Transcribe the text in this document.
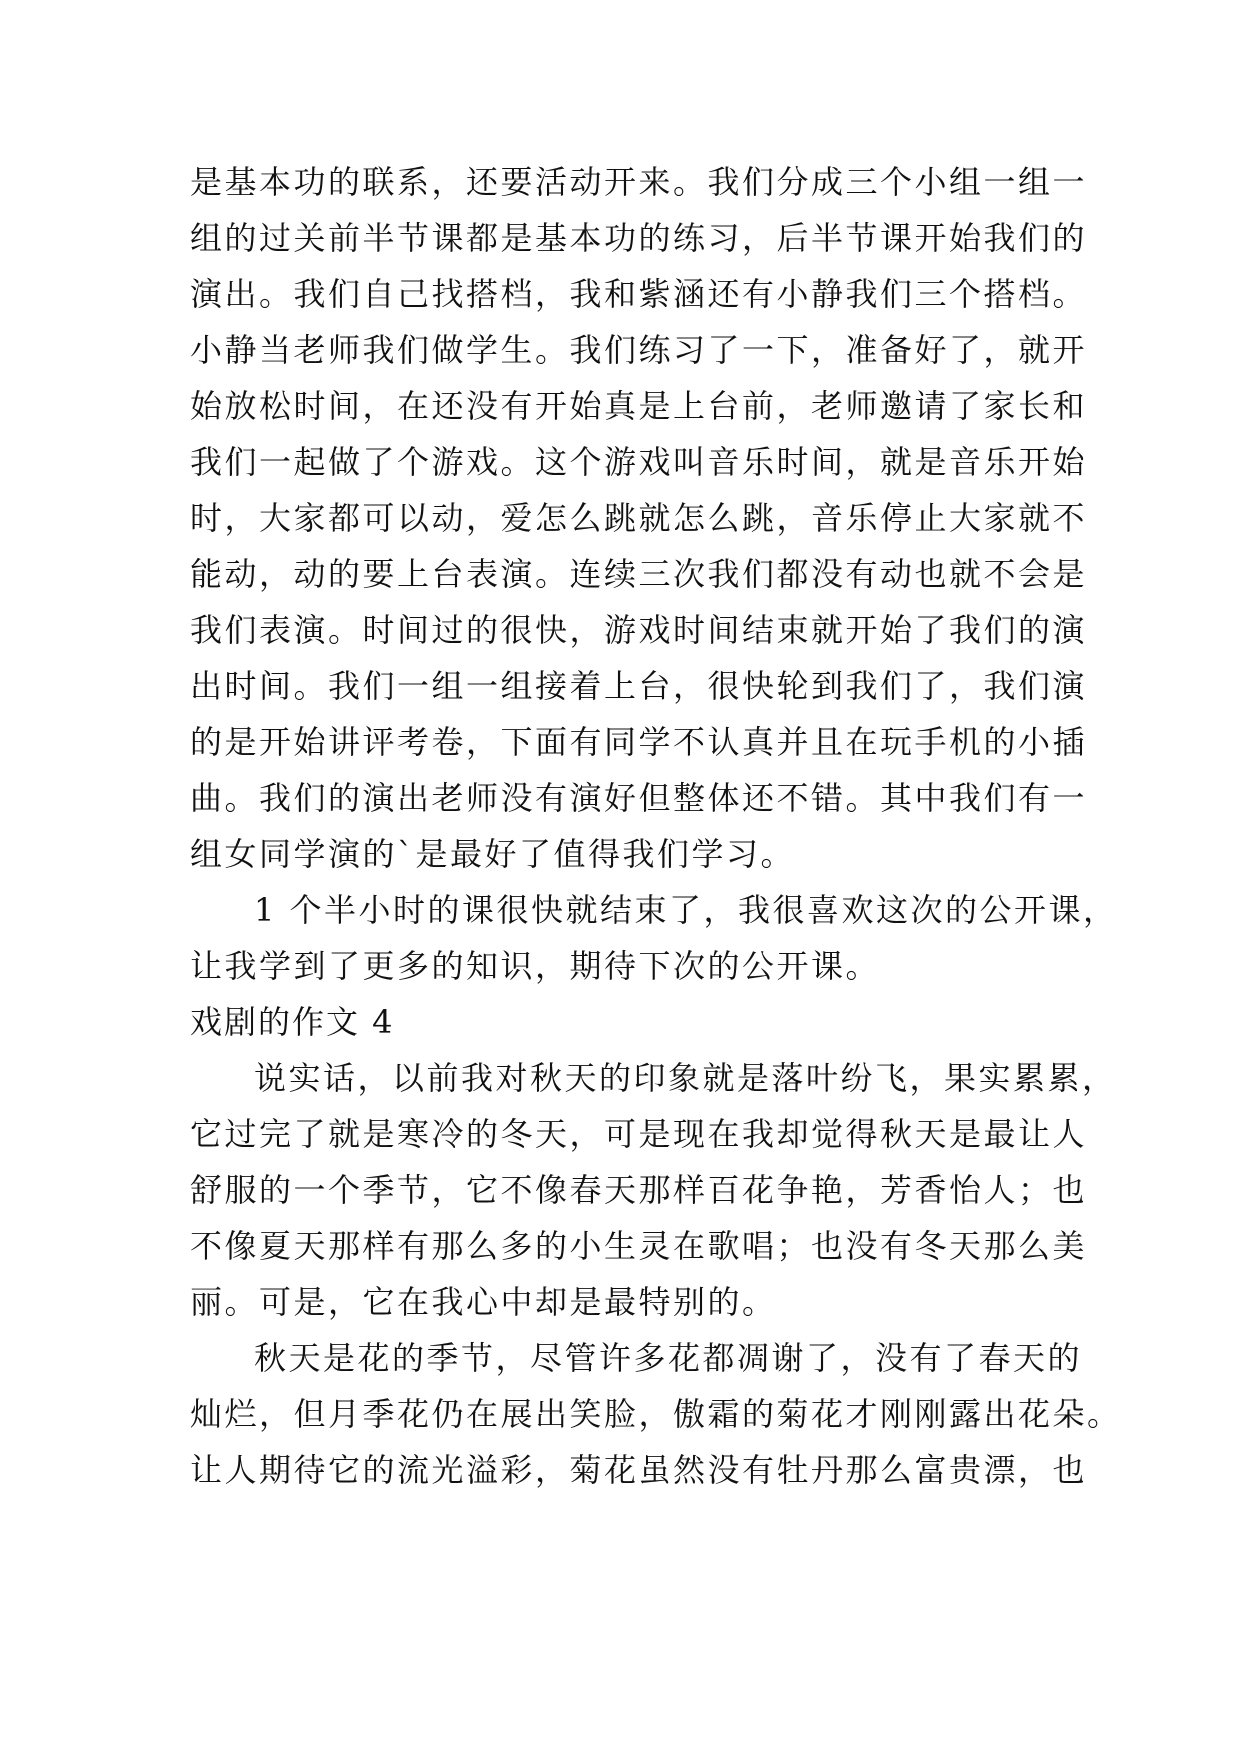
是基本功的联系，还要活动开来。我们分成三个小组一组一
组的过关前半节课都是基本功的练习，后半节课开始我们的
演出。我们自己找搭档，我和紫涵还有小静我们三个搭档。
小静当老师我们做学生。我们练习了一下，准备好了，就开
始放松时间，在还没有开始真是上台前，老师邀请了家长和
我们一起做了个游戏。这个游戏叫音乐时间，就是音乐开始
时，大家都可以动，爱怎么跳就怎么跳，音乐停止大家就不
能动，动的要上台表演。连续三次我们都没有动也就不会是
我们表演。时间过的很快，游戏时间结束就开始了我们的演
出时间。我们一组一组接着上台，很快轮到我们了，我们演
的是开始讲评考卷，下面有同学不认真并且在玩手机的小插
曲。我们的演出老师没有演好但整体还不错。其中我们有一
组女同学演的`是最好了值得我们学习。
1 个半小时的课很快就结束了，我很喜欢这次的公开课，
让我学到了更多的知识，期待下次的公开课。
戏剧的作文 4
说实话，以前我对秋天的印象就是落叶纷飞，果实累累，
它过完了就是寒冷的冬天，可是现在我却觉得秋天是最让人
舒服的一个季节，它不像春天那样百花争艳，芳香怡人；也
不像夏天那样有那么多的小生灵在歌唱；也没有冬天那么美
丽。可是，它在我心中却是最特别的。
秋天是花的季节，尽管许多花都凋谢了，没有了春天的
灿烂，但月季花仍在展出笑脸，傲霜的菊花才刚刚露出花朵。
让人期待它的流光溢彩，菊花虽然没有牡丹那么富贵漂，也
